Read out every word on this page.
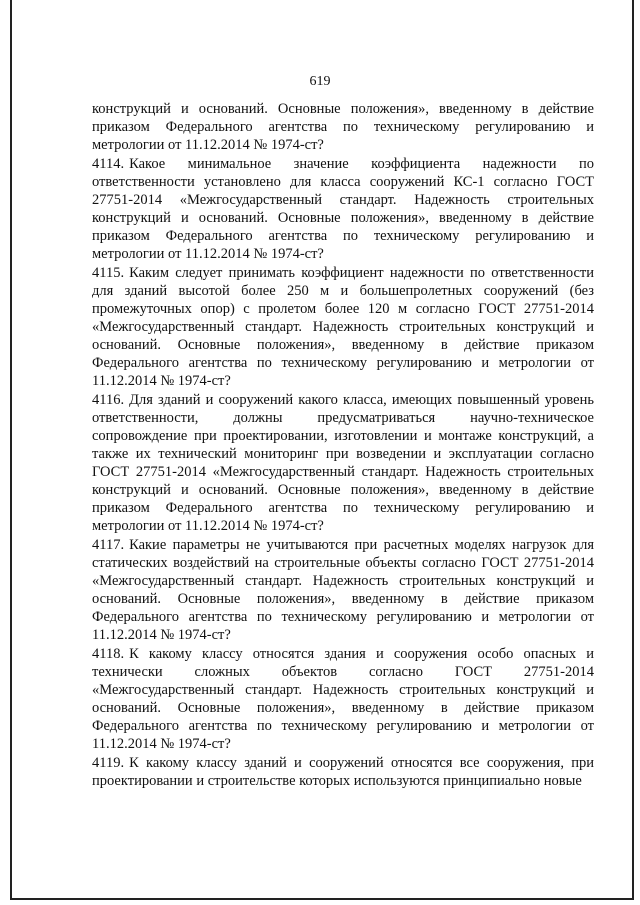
619

конструкций и оснований. Основные положения», введенному в действие приказом Федерального агентства по техническому регулированию и метрологии от 11.12.2014 № 1974-ст?

4114. Какое минимальное значение коэффициента надежности по ответственности установлено для класса сооружений КС-1 согласно ГОСТ 27751-2014 «Межгосударственный стандарт. Надежность строительных конструкций и оснований. Основные положения», введенному в действие приказом Федерального агентства по техническому регулированию и метрологии от 11.12.2014 № 1974-ст?

4115. Каким следует принимать коэффициент надежности по ответственности для зданий высотой более 250 м и большепролетных сооружений (без промежуточных опор) с пролетом более 120 м согласно ГОСТ 27751-2014 «Межгосударственный стандарт. Надежность строительных конструкций и оснований. Основные положения», введенному в действие приказом Федерального агентства по техническому регулированию и метрологии от 11.12.2014 № 1974-ст?

4116. Для зданий и сооружений какого класса, имеющих повышенный уровень ответственности, должны предусматриваться научно-техническое сопровождение при проектировании, изготовлении и монтаже конструкций, а также их технический мониторинг при возведении и эксплуатации согласно ГОСТ 27751-2014 «Межгосударственный стандарт. Надежность строительных конструкций и оснований. Основные положения», введенному в действие приказом Федерального агентства по техническому регулированию и метрологии от 11.12.2014 № 1974-ст?

4117. Какие параметры не учитываются при расчетных моделях нагрузок для статических воздействий на строительные объекты согласно ГОСТ 27751-2014 «Межгосударственный стандарт. Надежность строительных конструкций и оснований. Основные положения», введенному в действие приказом Федерального агентства по техническому регулированию и метрологии от 11.12.2014 № 1974-ст?

4118. К какому классу относятся здания и сооружения особо опасных и технически сложных объектов согласно ГОСТ 27751-2014 «Межгосударственный стандарт. Надежность строительных конструкций и оснований. Основные положения», введенному в действие приказом Федерального агентства по техническому регулированию и метрологии от 11.12.2014 № 1974-ст?

4119. К какому классу зданий и сооружений относятся все сооружения, при проектировании и строительстве которых используются принципиально новые
